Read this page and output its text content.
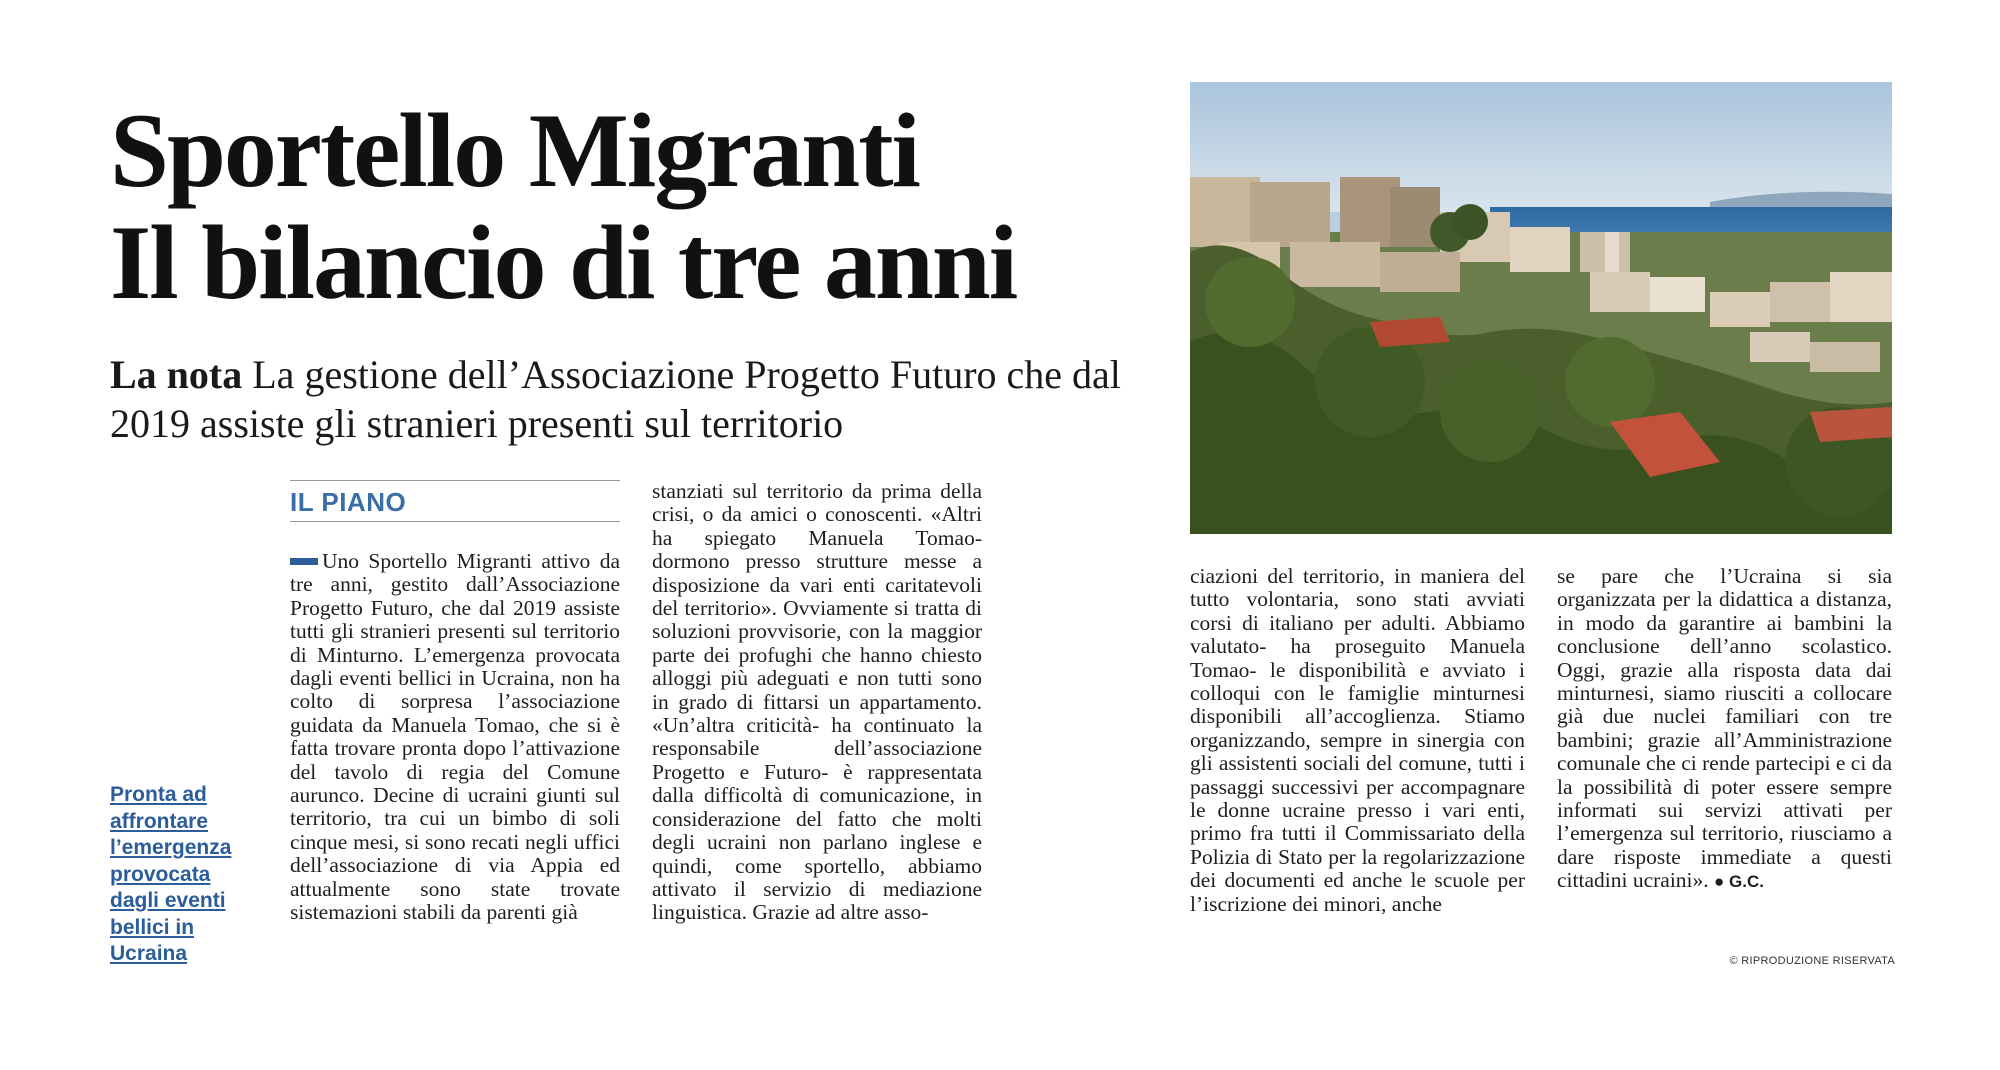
Sportello Migranti
Il bilancio di tre anni
La nota La gestione dell’Associazione Progetto Futuro che dal 2019 assiste gli stranieri presenti sul territorio
IL PIANO

Uno Sportello Migranti attivo da tre anni, gestito dall’Associazione Progetto Futuro, che dal 2019 assiste tutti gli stranieri presenti sul territorio di Minturno. L’emergenza provocata dagli eventi bellici in Ucraina, non ha colto di sorpresa l’associazione guidata da Manuela Tomao, che si è fatta trovare pronta dopo l’attivazione del tavolo di regia del Comune aurunco. Decine di ucraini giunti sul territorio, tra cui un bimbo di soli cinque mesi, si sono recati negli uffici dell’associazione di via Appia ed attualmente sono state trovate sistemazioni stabili da parenti già

stanziati sul territorio da prima della crisi, o da amici o conoscenti. «Altri ha spiegato Manuela Tomao- dormono presso strutture messe a disposizione da vari enti caritatevoli del territorio». Ovviamente si tratta di soluzioni provvisorie, con la maggior parte dei profughi che hanno chiesto alloggi più adeguati e non tutti sono in grado di fittarsi un appartamento. «Un’altra criticità- ha continuato la responsabile dell’associazione Progetto e Futuro- è rappresentata dalla difficoltà di comunicazione, in considerazione del fatto che molti degli ucraini non parlano inglese e quindi, come sportello, abbiamo attivato il servizio di mediazione linguistica. Grazie ad altre asso-

ciazioni del territorio, in maniera del tutto volontaria, sono stati avviati corsi di italiano per adulti. Abbiamo valutato- ha proseguito Manuela Tomao- le disponibilità e avviato i colloqui con le famiglie minturnesi disponibili all’accoglienza. Stiamo organizzando, sempre in sinergia con gli assistenti sociali del comune, tutti i passaggi successivi per accompagnare le donne ucraine presso i vari enti, primo fra tutti il Commissariato della Polizia di Stato per la regolarizzazione dei documenti ed anche le scuole per l’iscrizione dei minori, anche

se pare che l’Ucraina si sia organizzata per la didattica a distanza, in modo da garantire ai bambini la conclusione dell’anno scolastico. Oggi, grazie alla risposta data dai minturnesi, siamo riusciti a collocare già due nuclei familiari con tre bambini; grazie all’Amministrazione comunale che ci rende partecipi e ci da la possibilità di poter essere sempre informati sui servizi attivati per l’emergenza sul territorio, riusciamo a dare risposte immediate a questi cittadini ucraini». ● G.C.

© RIPRODUZIONE RISERVATA
Pronta ad affrontare l’emergenza provocata dagli eventi bellici in Ucraina
